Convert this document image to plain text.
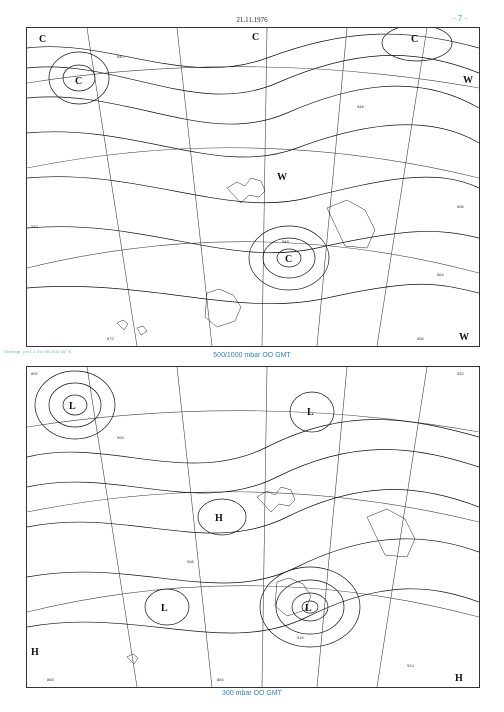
21.11.1976	- 7 -
C
C
C	C
W
W
C
W
532
540
548
556
564
572
548
556
Stereogr. proj. 1:30 000 000 60° N
500/1000 mbar OO GMT
L
L
H
L	L
H
H
892
900
908
916
924
932
868	884
300 mbar OO GMT
